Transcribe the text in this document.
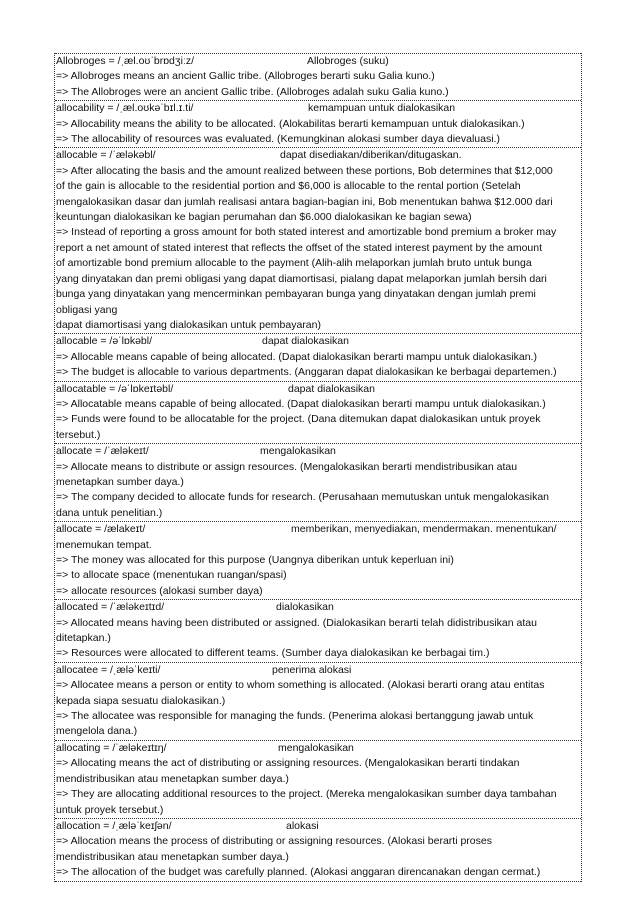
Allobroges = /ˌæl.oʊˈbrɒdʒiːz/	Allobroges (suku)
=> Allobroges means an ancient Gallic tribe. (Allobroges berarti suku Galia kuno.)
=> The Allobroges were an ancient Gallic tribe. (Allobroges adalah suku Galia kuno.)

allocability = /ˌæl.oʊkəˈbɪl.ɪ.ti/	kemampuan untuk dialokasikan
=> Allocability means the ability to be allocated. (Alokabilitas berarti kemampuan untuk dialokasikan.)
=> The allocability of resources was evaluated. (Kemungkinan alokasi sumber daya dievaluasi.)

allocable = /ˈæləkəbl/	dapat disediakan/diberikan/ditugaskan.
=> After allocating the basis and the amount realized between these portions, Bob determines that $12,000
of the gain is allocable to the residential portion and $6,000 is allocable to the rental portion (Setelah
mengalokasikan dasar dan jumlah realisasi antara bagian-bagian ini, Bob menentukan bahwa $12.000 dari
keuntungan dialokasikan ke bagian perumahan dan $6.000 dialokasikan ke bagian sewa)
=> Instead of reporting a gross amount for both stated interest and amortizable bond premium a broker may
report a net amount of stated interest that reflects the offset of the stated interest payment by the amount
of amortizable bond premium allocable to the payment (Alih-alih melaporkan jumlah bruto untuk bunga
yang dinyatakan dan premi obligasi yang dapat diamortisasi, pialang dapat melaporkan jumlah bersih dari
bunga yang dinyatakan yang mencerminkan pembayaran bunga yang dinyatakan dengan jumlah premi
obligasi yang
dapat diamortisasi yang dialokasikan untuk pembayaran)

allocable = /əˈlɒkəbl/	dapat dialokasikan
=> Allocable means capable of being allocated. (Dapat dialokasikan berarti mampu untuk dialokasikan.)
=> The budget is allocable to various departments. (Anggaran dapat dialokasikan ke berbagai departemen.)

allocatable = /əˈlɒkeɪtəbl/	dapat dialokasikan
=> Allocatable means capable of being allocated. (Dapat dialokasikan berarti mampu untuk dialokasikan.)
=> Funds were found to be allocatable for the project. (Dana ditemukan dapat dialokasikan untuk proyek
tersebut.)

allocate = /ˈæləkeɪt/	mengalokasikan
=> Allocate means to distribute or assign resources. (Mengalokasikan berarti mendistribusikan atau
menetapkan sumber daya.)
=> The company decided to allocate funds for research. (Perusahaan memutuskan untuk mengalokasikan
dana untuk penelitian.)

allocate = /ælakeɪt/	memberikan, menyediakan, mendermakan. menentukan/
menemukan tempat.
=> The money was allocated for this purpose (Uangnya diberikan untuk keperluan ini)
=> to allocate space (menentukan ruangan/spasi)
=> allocate resources (alokasi sumber daya)

allocated = /ˈæləkeɪtɪd/	dialokasikan
=> Allocated means having been distributed or assigned. (Dialokasikan berarti telah didistribusikan atau
ditetapkan.)
=> Resources were allocated to different teams. (Sumber daya dialokasikan ke berbagai tim.)

allocatee = /ˌæləˈkeɪti/	penerima alokasi
=> Allocatee means a person or entity to whom something is allocated. (Alokasi berarti orang atau entitas
kepada siapa sesuatu dialokasikan.)
=> The allocatee was responsible for managing the funds. (Penerima alokasi bertanggung jawab untuk
mengelola dana.)

allocating = /ˈæləkeɪtɪŋ/	mengalokasikan
=> Allocating means the act of distributing or assigning resources. (Mengalokasikan berarti tindakan
mendistribusikan atau menetapkan sumber daya.)
=> They are allocating additional resources to the project. (Mereka mengalokasikan sumber daya tambahan
untuk proyek tersebut.)

allocation = /ˌæləˈkeɪʃən/	alokasi
=> Allocation means the process of distributing or assigning resources. (Alokasi berarti proses
mendistribusikan atau menetapkan sumber daya.)
=> The allocation of the budget was carefully planned. (Alokasi anggaran direncanakan dengan cermat.)
